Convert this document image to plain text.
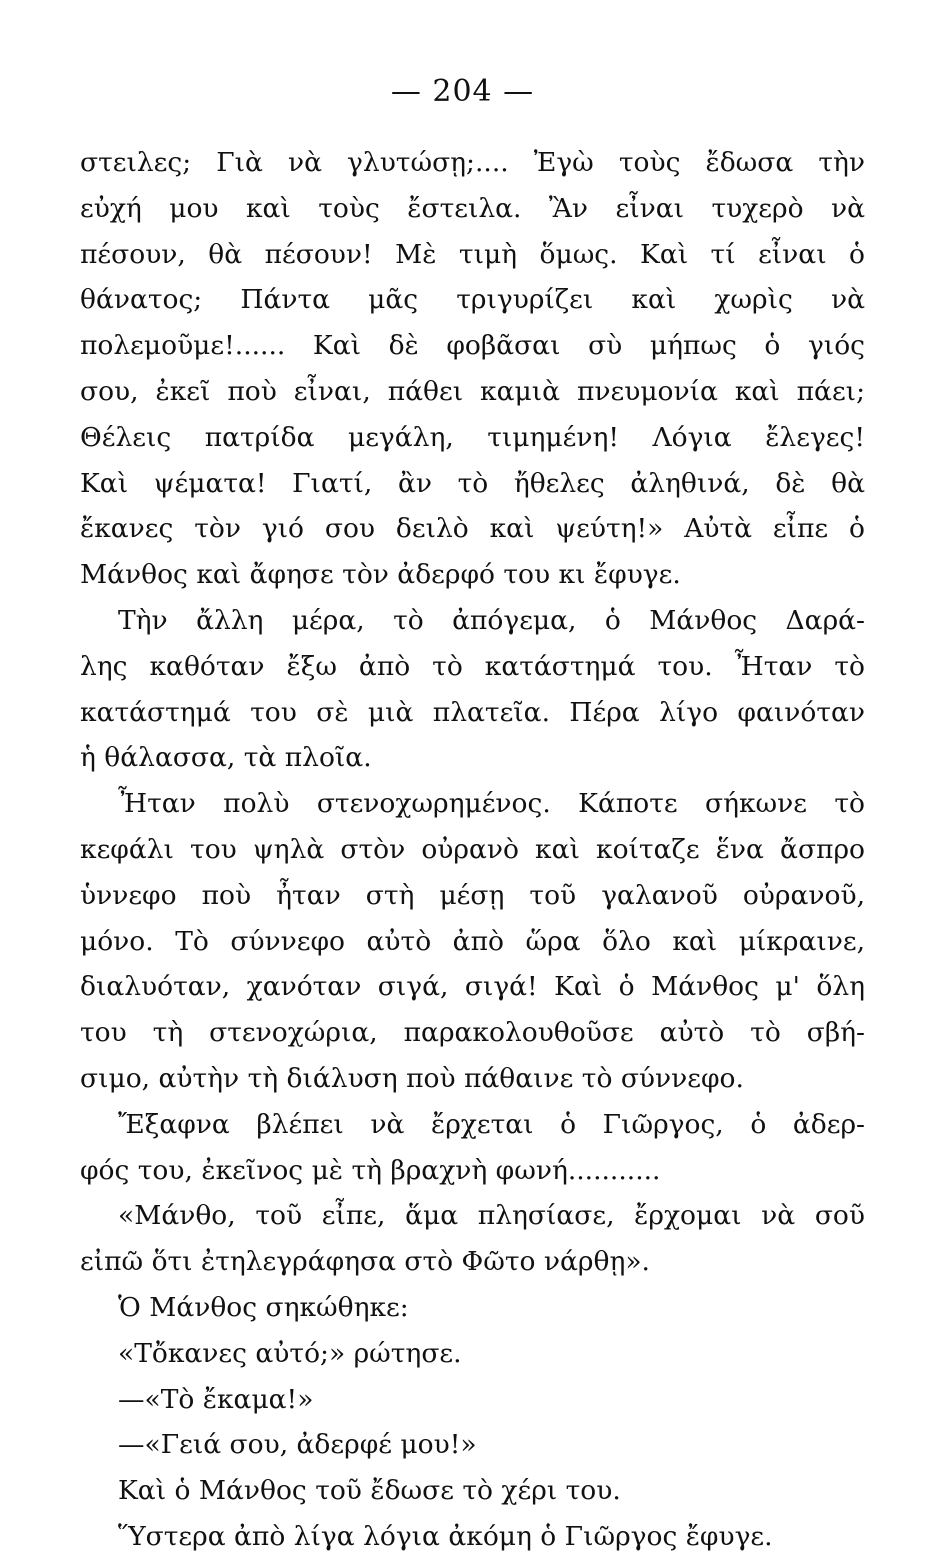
— 204 —
στειλες; Γιὰ νὰ γλυτώσῃ;.... Ἐγὼ τοὺς ἔδωσα τὴν
εὐχή μου καὶ τοὺς ἔστειλα. Ἂν εἶναι τυχερὸ νὰ
πέσουν, θὰ πέσουν! Μὲ τιμὴ ὅμως. Καὶ τί εἶναι ὁ
θάνατος; Πάντα μᾶς τριγυρίζει καὶ χωρὶς νὰ
πολεμοῦμε!...... Καὶ δὲ φοβᾶσαι σὺ μήπως ὁ γιός
σου, ἐκεῖ ποὺ εἶναι, πάθει καμιὰ πνευμονία καὶ πάει;
Θέλεις πατρίδα μεγάλη, τιμημένη! Λόγια ἔλεγες!
Καὶ ψέματα! Γιατί, ἂν τὸ ἤθελες ἀληθινά, δὲ θὰ
ἔκανες τὸν γιό σου δειλὸ καὶ ψεύτη!» Αὐτὰ εἶπε ὁ
Μάνθος καὶ ἄφησε τὸν ἀδερφό του κι ἔφυγε.
Τὴν ἄλλη μέρα, τὸ ἀπόγεμα, ὁ Μάνθος Δαρά-
λης καθόταν ἔξω ἀπὸ τὸ κατάστημά του. Ἦταν τὸ
κατάστημά του σὲ μιὰ πλατεῖα. Πέρα λίγο φαινόταν
ἡ θάλασσα, τὰ πλοῖα.
Ἦταν πολὺ στενοχωρημένος. Κάποτε σήκωνε τὸ
κεφάλι του ψηλὰ στὸν οὐρανὸ καὶ κοίταζε ἕνα ἄσπρο
ὑννεφο ποὺ ἦταν στὴ μέσῃ τοῦ γαλανοῦ οὐρανοῦ,
μόνο. Τὸ σύννεφο αὐτὸ ἀπὸ ὥρα ὅλο καὶ μίκραινε,
διαλυόταν, χανόταν σιγά, σιγά! Καὶ ὁ Μάνθος μ' ὅλη
του τὴ στενοχώρια, παρακολουθοῦσε αὐτὸ τὸ σβή-
σιμο, αὐτὴν τὴ διάλυση ποὺ πάθαινε τὸ σύννεφο.
Ἔξαφνα βλέπει νὰ ἔρχεται ὁ Γιῶργος, ὁ ἀδερ-
φός του, ἐκεῖνος μὲ τὴ βραχνὴ φωνή...........
«Μάνθο, τοῦ εἶπε, ἅμα πλησίασε, ἔρχομαι νὰ σοῦ
εἰπῶ ὅτι ἐτηλεγράφησα στὸ Φῶτο νάρθῃ».
Ὁ Μάνθος σηκώθηκε:
«Τὄκανες αὐτό;» ρώτησε.
—«Τὸ ἔκαμα!»
—«Γειά σου, ἀδερφέ μου!»
Καὶ ὁ Μάνθος τοῦ ἔδωσε τὸ χέρι του.
Ὕστερα ἀπὸ λίγα λόγια ἀκόμη ὁ Γιῶργος ἔφυγε.
